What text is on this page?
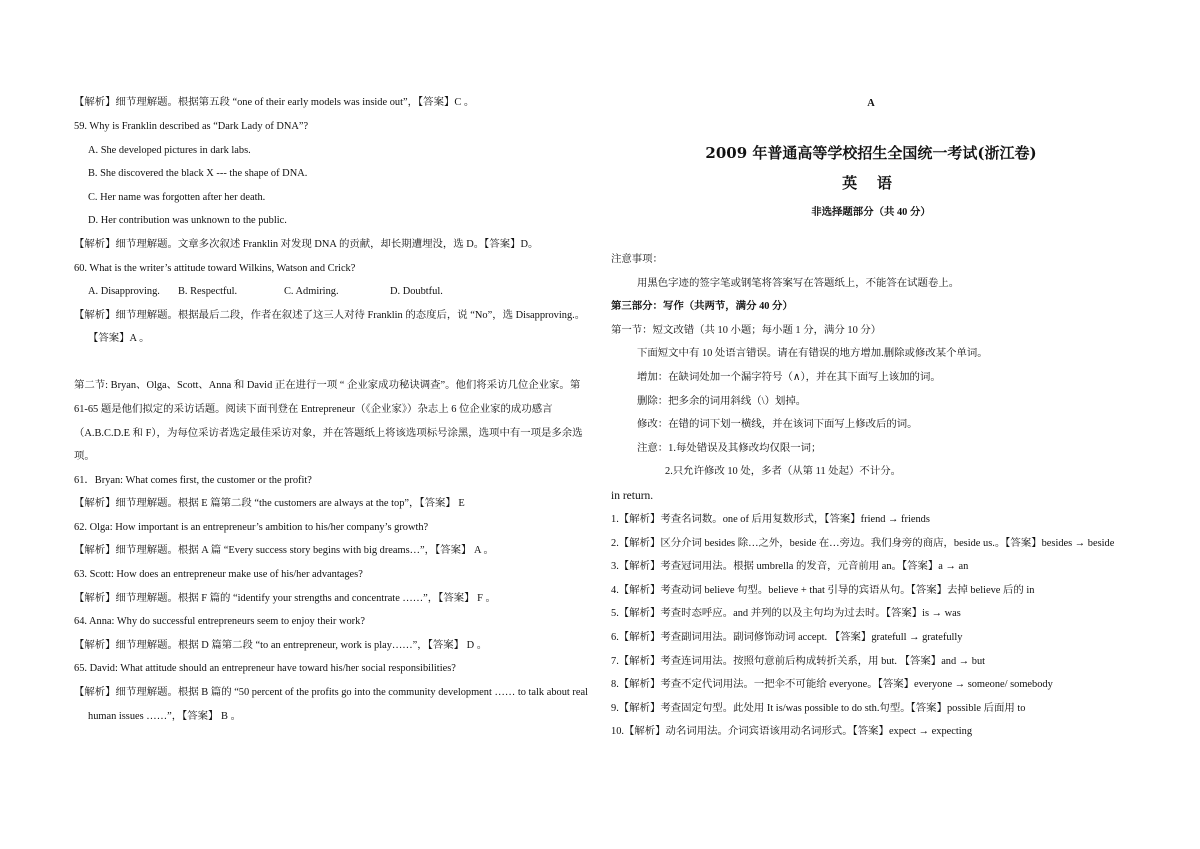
【解析】细节理解题。根据第五段 “one of their early models was inside out”，【答案】C 。
59. Why is Franklin described as “Dark Lady of DNA”?
A. She developed pictures in dark labs.
B. She discovered the black X --- the shape of DNA.
C. Her name was forgotten after her death.
D. Her contribution was unknown to the public.
【解析】细节理解题。文章多次叙述 Franklin 对发现 DNA 的贡献，却长期遭埋没，选 D。【答案】D。
60. What is the writer’s attitude toward Wilkins, Watson and Crick?
A. Disapproving. B. Respectful.	C. Admiring.	D. Doubtful.
【解析】细节理解题。根据最后二段，作者在叙述了这三人对待 Franklin 的态度后，说 “No”，选 Disapproving.。
【答案】A 。
第二节: Bryan、Olga、Scott、Anna 和 David 正在进行一项 “ 企业家成功秘诀调查”。他们将采访几位企业家。第
61-65 题是他们拟定的采访话题。阅读下面刊登在 Entrepreneur（《企业家》）杂志上 6 位企业家的成功感言
（A.B.C.D.E 和 F），为每位采访者选定最佳采访对象，并在答题纸上将该选项标号涂黑，选项中有一项是多余选
项。
61．Bryan: What comes first, the customer or the profit?
【解析】细节理解题。根据 E 篇第二段 “the customers are always at the top”，【答案】 E
62. Olga: How important is an entrepreneur’s ambition to his/her company’s growth?
【解析】细节理解题。根据 A 篇 “Every success story begins with big dreams…”，【答案】 A 。
63. Scott: How does an entrepreneur make use of his/her advantages?
【解析】细节理解题。根据 F 篇的 “identify your strengths and concentrate ……”，【答案】 F 。
64. Anna: Why do successful entrepreneurs seem to enjoy their work?
【解析】细节理解题。根据 D 篇第二段 “to an entrepreneur, work is play……”，【答案】 D 。
65. David: What attitude should an entrepreneur have toward his/her social responsibilities?
【解析】细节理解题。根据 B 篇的 “50 percent of the profits go into the community development …… to talk about real
human issues ……”，【答案】 B 。
A
2009 年普通高等学校招生全国统一考试(浙江卷)
英 语
非选择题部分（共 40 分）
注意事项：
用黑色字迹的签字笔或钢笔将答案写在答题纸上，不能答在试题卷上。
第三部分：写作（共两节，满分 40 分）
第一节：短文改错（共 10 小题；每小题 1 分，满分 10 分）
下面短文中有 10 处语言错误。请在有错误的地方增加.删除或修改某个单词。
增加：在缺词处加一个漏字符号（∧），并在其下面写上该加的词。
删除：把多余的词用斜线（\）划掉。
修改：在错的词下划一横线，并在该词下面写上修改后的词。
注意：1.每处错误及其修改均仅限一词；
2.只允许修改 10 处，多者（从第 11 处起）不计分。
in return.
1.【解析】考查名词数。one of 后用复数形式，【答案】friend → friends
2.【解析】区分介词 besides 除…之外，beside 在…旁边。我们身旁的商店，beside us.。【答案】besides → beside
3.【解析】考查冠词用法。根据 umbrella 的发音，元音前用 an。【答案】a → an
4.【解析】考查动词 believe 句型。believe + that 引导的宾语从句。【答案】去掉 believe 后的 in
5.【解析】考查时态呼应。and 并列的以及主句均为过去时。【答案】is → was
6.【解析】考查副词用法。副词修饰动词 accept. 【答案】gratefull → gratefully
7.【解析】考查连词用法。按照句意前后构成转折关系，用 but. 【答案】and → but
8.【解析】考查不定代词用法。一把伞不可能给 everyone。【答案】everyone → someone/ somebody
9.【解析】考查固定句型。此处用 It is/was possible to do sth.句型。【答案】possible 后面用 to
10.【解析】动名词用法。介词宾语该用动名词形式。【答案】expect → expecting
